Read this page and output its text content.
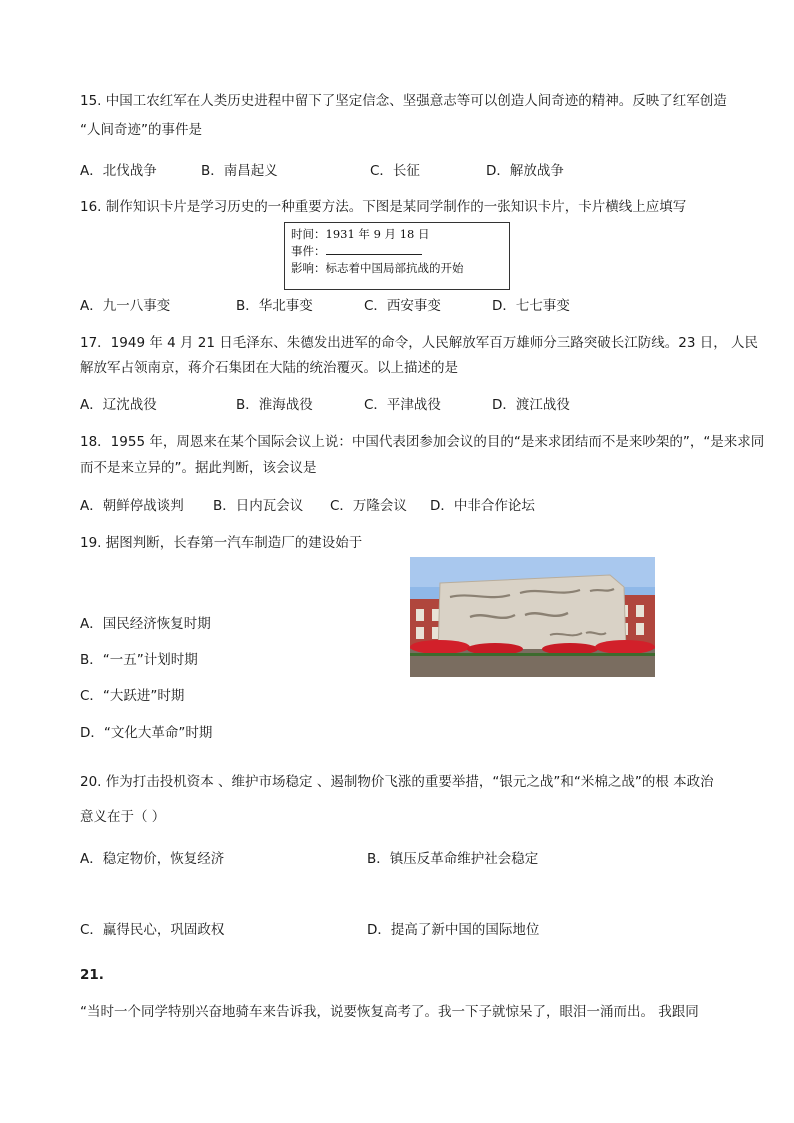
15. 中国工农红军在人类历史进程中留下了坚定信念、坚强意志等可以创造人间奇迹的精神。反映了红军创造
“人间奇迹”的事件是
A．北伐战争	B．南昌起义	C．长征	D．解放战争
16. 制作知识卡片是学习历史的一种重要方法。下图是某同学制作的一张知识卡片，卡片横线上应填写
时间：1931 年 9 月 18 日
事件：
影响：标志着中国局部抗战的开始
A．九一八事变	B．华北事变	C．西安事变	D．七七事变
17．1949 年 4 月 21 日毛泽东、朱德发出进军的命令，人民解放军百万雄师分三路突破长江防线。23 日， 人民
解放军占领南京，蒋介石集团在大陆的统治覆灭。以上描述的是
A．辽沈战役	B．淮海战役	C．平津战役	D．渡江战役
18．1955 年，周恩来在某个国际会议上说：中国代表团参加会议的目的“是来求团结而不是来吵架的”，“是来求同
而不是来立异的”。据此判断，该会议是
A．朝鲜停战谈判 B．日内瓦会议 C．万隆会议 D．中非合作论坛
19. 据图判断，长春第一汽车制造厂的建设始于
A．国民经济恢复时期
B．“一五”计划时期
C．“大跃进”时期
D．“文化大革命”时期
20. 作为打击投机资本 、维护市场稳定 、遏制物价飞涨的重要举措，“银元之战”和“米棉之战”的根 本政治
意义在于（ ）
A．稳定物价，恢复经济	B．镇压反革命维护社会稳定
C．赢得民心，巩固政权	D．提高了新中国的国际地位
21.
“当时一个同学特别兴奋地骑车来告诉我，说要恢复高考了。我一下子就惊呆了，眼泪一涌而出。 我跟同
